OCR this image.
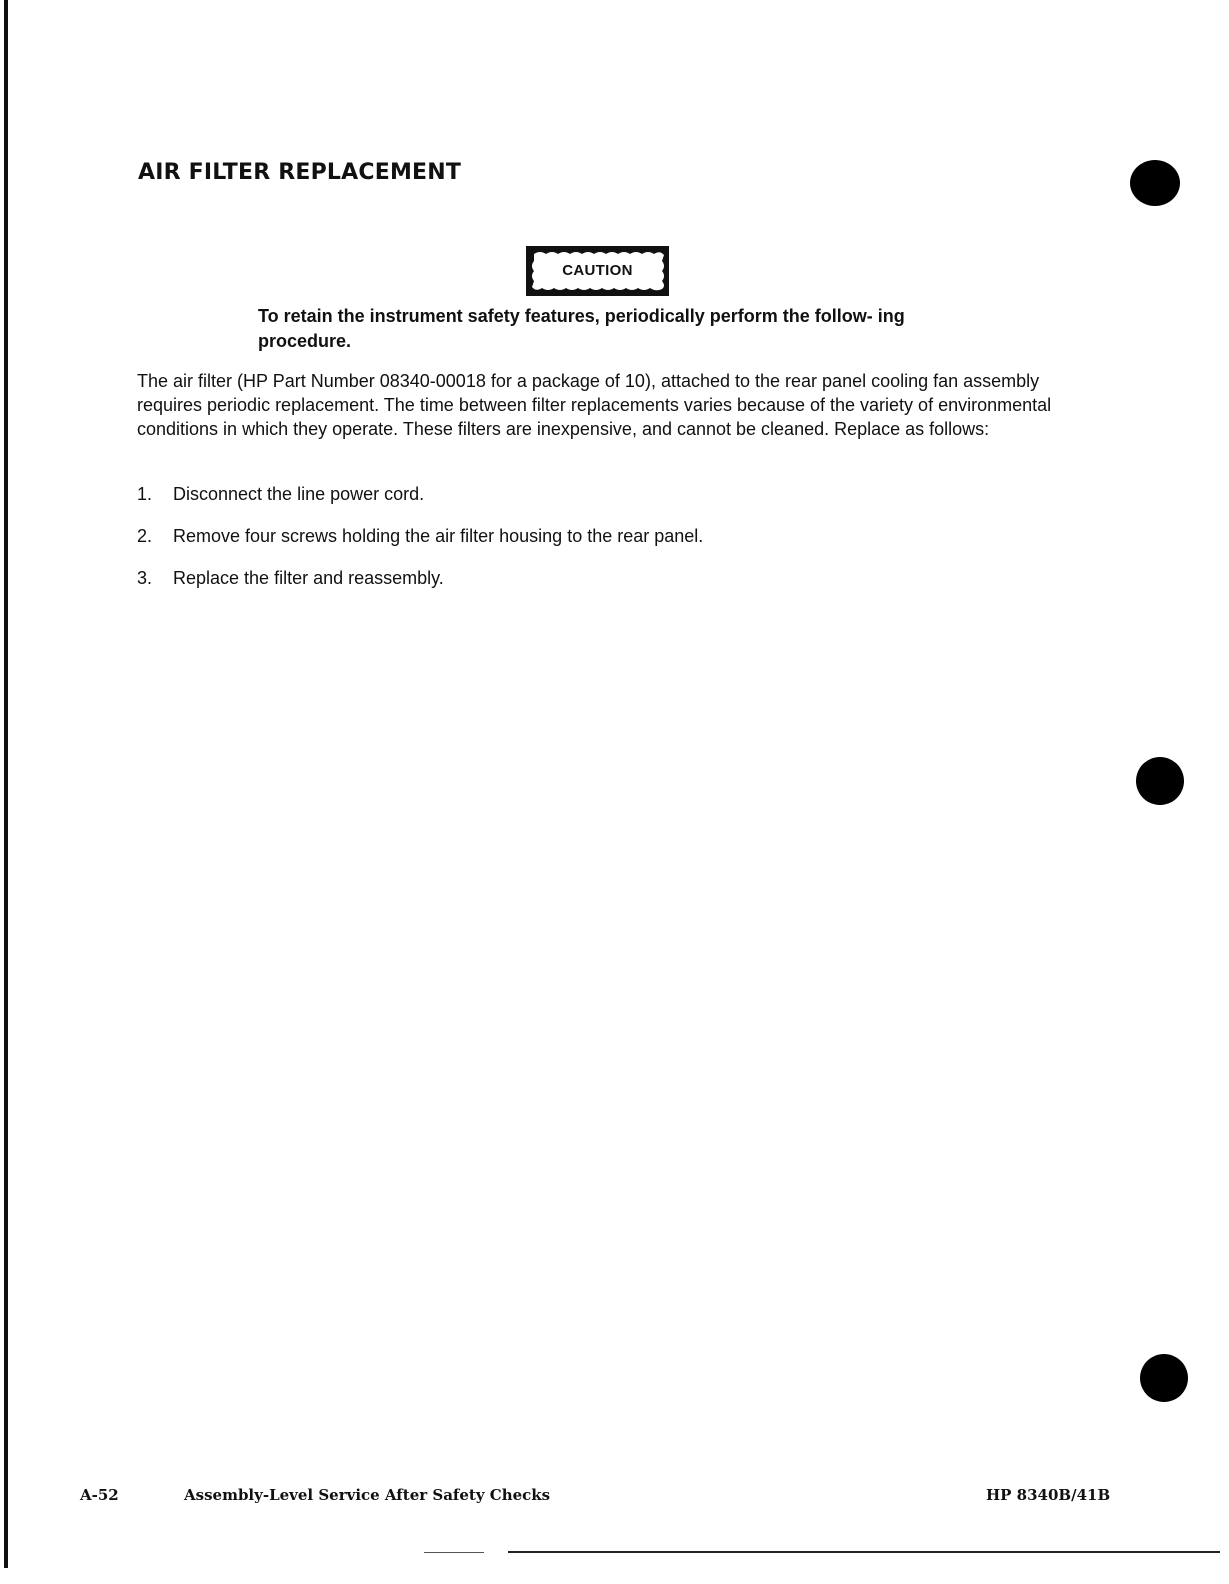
AIR FILTER REPLACEMENT
CAUTION

To retain the instrument safety features, periodically perform the follow- ing procedure.

The air filter (HP Part Number 08340-00018 for a package of 10), attached to the rear panel cooling fan assembly requires periodic replacement. The time between filter replacements varies because of the variety of environmental conditions in which they operate. These filters are inexpensive, and cannot be cleaned. Replace as follows:

1. Disconnect the line power cord.
2. Remove four screws holding the air filter housing to the rear panel.
3. Replace the filter and reassembly.
A-52	Assembly-Level Service After Safety Checks	HP 8340B/41B
